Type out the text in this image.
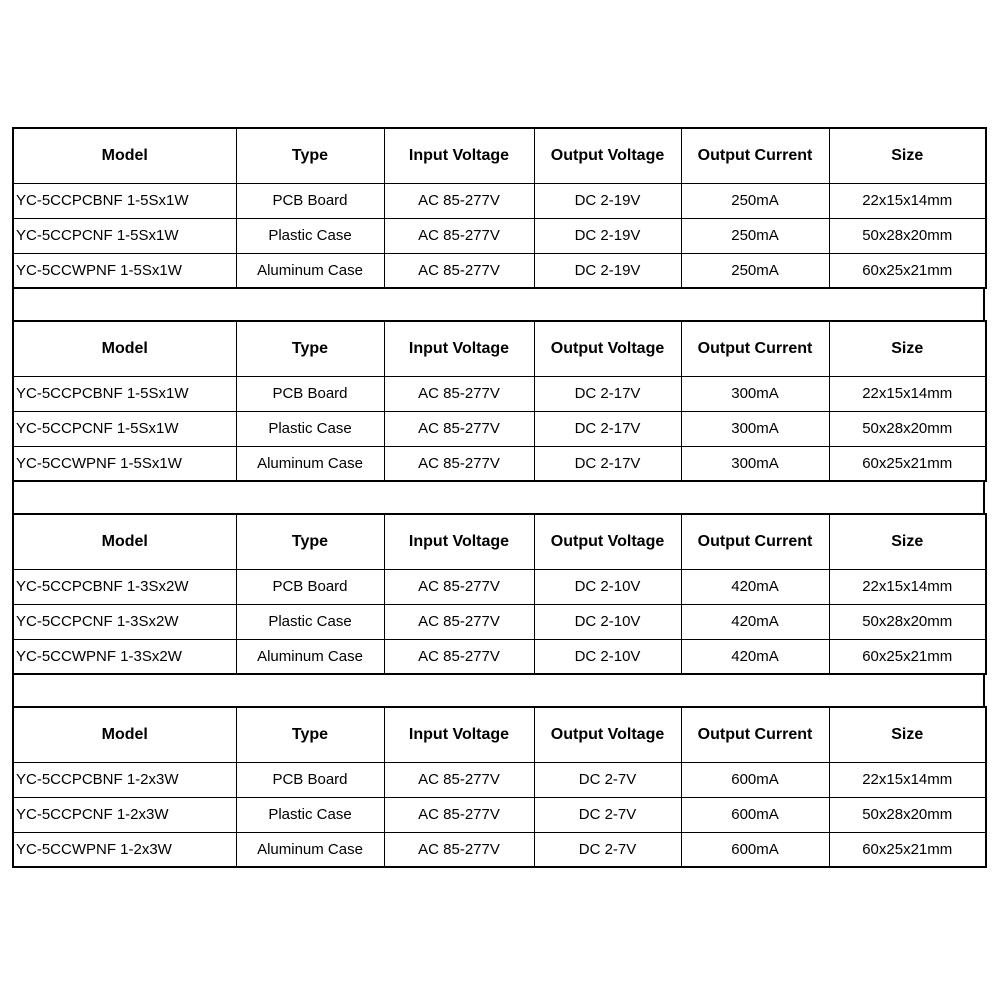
Model	Type	Input Voltage	Output Voltage	Output Current	Size
YC-5CCPCBNF 1-5Sx1W	PCB Board	AC 85-277V	DC 2-19V	250mA	22x15x14mm
YC-5CCPCNF 1-5Sx1W	Plastic Case	AC 85-277V	DC 2-19V	250mA	50x28x20mm
YC-5CCWPNF 1-5Sx1W	Aluminum Case	AC 85-277V	DC 2-19V	250mA	60x25x21mm
Model	Type	Input Voltage	Output Voltage	Output Current	Size
YC-5CCPCBNF 1-5Sx1W	PCB Board	AC 85-277V	DC 2-17V	300mA	22x15x14mm
YC-5CCPCNF 1-5Sx1W	Plastic Case	AC 85-277V	DC 2-17V	300mA	50x28x20mm
YC-5CCWPNF 1-5Sx1W	Aluminum Case	AC 85-277V	DC 2-17V	300mA	60x25x21mm
Model	Type	Input Voltage	Output Voltage	Output Current	Size
YC-5CCPCBNF 1-3Sx2W	PCB Board	AC 85-277V	DC 2-10V	420mA	22x15x14mm
YC-5CCPCNF 1-3Sx2W	Plastic Case	AC 85-277V	DC 2-10V	420mA	50x28x20mm
YC-5CCWPNF 1-3Sx2W	Aluminum Case	AC 85-277V	DC 2-10V	420mA	60x25x21mm
Model	Type	Input Voltage	Output Voltage	Output Current	Size
YC-5CCPCBNF 1-2x3W	PCB Board	AC 85-277V	DC 2-7V	600mA	22x15x14mm
YC-5CCPCNF 1-2x3W	Plastic Case	AC 85-277V	DC 2-7V	600mA	50x28x20mm
YC-5CCWPNF 1-2x3W	Aluminum Case	AC 85-277V	DC 2-7V	600mA	60x25x21mm
